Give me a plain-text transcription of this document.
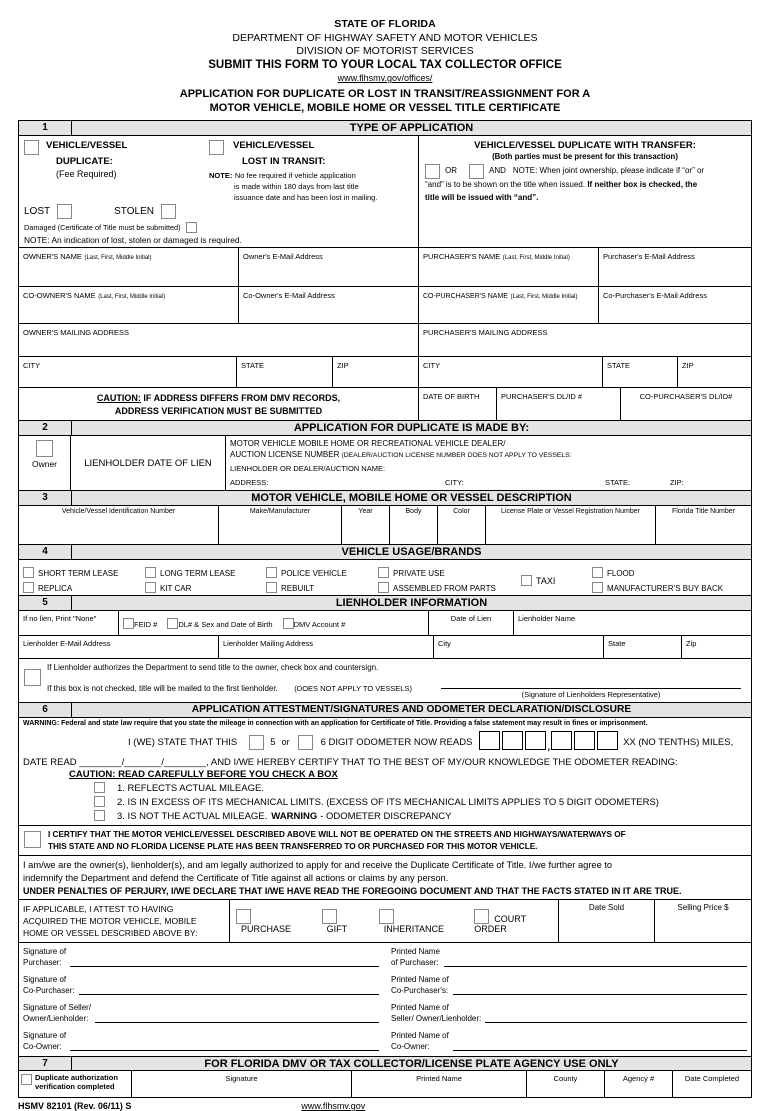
STATE OF FLORIDA
DEPARTMENT OF HIGHWAY SAFETY AND MOTOR VEHICLES
DIVISION OF MOTORIST SERVICES
SUBMIT THIS FORM TO YOUR LOCAL TAX COLLECTOR OFFICE
www.flhsmv.gov/offices/
APPLICATION FOR DUPLICATE OR LOST IN TRANSIT/REASSIGNMENT FOR A
MOTOR VEHICLE, MOBILE HOME OR VESSEL TITLE CERTIFICATE
1	TYPE OF APPLICATION
VEHICLE/VESSEL
DUPLICATE:
(Fee Required)
VEHICLE/VESSEL
LOST IN TRANSIT:
NOTE: No fee required if vehicle application
is made within 180 days from last title
issuance date and has been lost in mailing.
LOST	STOLEN
Damaged (Certificate of Title must be submitted)
NOTE: An indication of lost, stolen or damaged is required.
VEHICLE/VESSEL DUPLICATE WITH TRANSFER:
(Both parties must be present for this transaction)
OR	AND NOTE: When joint ownership, please indicate if “or” or
“and” is to be shown on the title when issued. If neither box is checked, the
title will be issued with “and”.
OWNER'S NAME (Last, First, Middle Initial)	Owner's E-Mail Address	PURCHASER'S NAME (Last, First, Middle Initial)	Purchaser's E-Mail Address
CO-OWNER'S NAME (Last, First, Middle Initial)	Co-Owner's E-Mail Address	CO-PURCHASER'S NAME (Last, First, Middle Initial)	Co-Purchaser's E-Mail Address
OWNER'S MAILING ADDRESS	PURCHASER'S MAILING ADDRESS
CITY	STATE	ZIP	CITY	STATE	ZIP
CAUTION: IF ADDRESS DIFFERS FROM DMV RECORDS,
ADDRESS VERIFICATION MUST BE SUBMITTED
DATE OF BIRTH	PURCHASER'S DL/ID #	CO-PURCHASER'S DL/ID#
2	APPLICATION FOR DUPLICATE IS MADE BY:
Owner	LIENHOLDER DATE OF LIEN
MOTOR VEHICLE MOBILE HOME OR RECREATIONAL VEHICLE DEALER/
AUCTION LICENSE NUMBER (DEALER/AUCTION LICENSE NUMBER DOES NOT APPLY TO VESSELS:
LIENHOLDER OR DEALER/AUCTION NAME:
ADDRESS:	CITY:	STATE:	ZIP:
3	MOTOR VEHICLE, MOBILE HOME OR VESSEL DESCRIPTION
Vehicle/Vessel Identification Number	Make/Manufacturer	Year	Body	Color	License Plate or Vessel Registration Number	Florida Title Number
4	VEHICLE USAGE/BRANDS
SHORT TERM LEASE	LONG TERM LEASE	POLICE VEHICLE	PRIVATE USE	FLOOD
REPLICA	KIT CAR	REBUILT	ASSEMBLED FROM PARTS	MANUFACTURER'S BUY BACK
TAXI
5	LIENHOLDER INFORMATION
If no lien, Print "None"
FEID #	DL# & Sex and Date of Birth	DMV Account #
Date of Lien	Lienholder Name
Lienholder E-Mail Address	Lienholder Mailing Address	City	State	Zip
If Lienholder authorizes the Department to send title to the owner, check box and countersign.
If this box is not checked, title will be mailed to the first lienholder. (DOES NOT APPLY TO VESSELS)
(Signature of Lienholders Representative)
6	APPLICATION ATTESTMENT/SIGNATURES AND ODOMETER DECLARATION/DISCLOSURE
WARNING: Federal and state law require that you state the mileage in connection with an application for Certificate of Title. Providing a false statement may result in fines or imprisonment.
I (WE) STATE THAT THIS	5 or	6 DIGIT ODOMETER NOW READS	,	XX (NO TENTHS) MILES,
DATE READ ________/_______/________, AND I/WE HEREBY CERTIFY THAT TO THE BEST OF MY/OUR KNOWLEDGE THE ODOMETER READING:
CAUTION: READ CAREFULLY BEFORE YOU CHECK A BOX
1. REFLECTS ACTUAL MILEAGE.
2. IS IN EXCESS OF ITS MECHANICAL LIMITS. (EXCESS OF ITS MECHANICAL LIMITS APPLIES TO 5 DIGIT ODOMETERS)
3. IS NOT THE ACTUAL MILEAGE. WARNING - ODOMETER DISCREPANCY
I CERTIFY THAT THE MOTOR VEHICLE/VESSEL DESCRIBED ABOVE WILL NOT BE OPERATED ON THE STREETS AND HIGHWAYS/WATERWAYS OF
THIS STATE AND NO FLORIDA LICENSE PLATE HAS BEEN TRANSFERRED TO OR PURCHASED FOR THIS MOTOR VEHICLE.
I am/we are the owner(s), lienholder(s), and am legally authorized to apply for and receive the Duplicate Certificate of Title. I/we further agree to
indemnify the Department and defend the Certificate of Title against all actions or claims by any person.
UNDER PENALTIES OF PERJURY, I/WE DECLARE THAT I/WE HAVE READ THE FOREGOING DOCUMENT AND THAT THE FACTS STATED IN IT ARE TRUE.
IF APPLICABLE, I ATTEST TO HAVING
ACQUIRED THE MOTOR VEHICLE, MOBILE
HOME OR VESSEL DESCRIBED ABOVE BY:	PURCHASE	GIFT	INHERITANCE
COURT ORDER
Date Sold	Selling Price $
Signature of
Purchaser:
Printed Name
of Purchaser:
Signature of
Co-Purchaser:
Printed Name of
Co-Purchaser's:
Signature of Seller/
Owner/Lienholder:
Printed Name of
Seller/ Owner/Lienholder:
Signature of
Co-Owner:
Printed Name of
Co-Owner:
7	FOR FLORIDA DMV OR TAX COLLECTOR/LICENSE PLATE AGENCY USE ONLY
Duplicate authorization
verification completed
Signature	Printed Name	County	Agency #	Date Completed
HSMV 82101 (Rev. 06/11) S	www.flhsmv.gov
